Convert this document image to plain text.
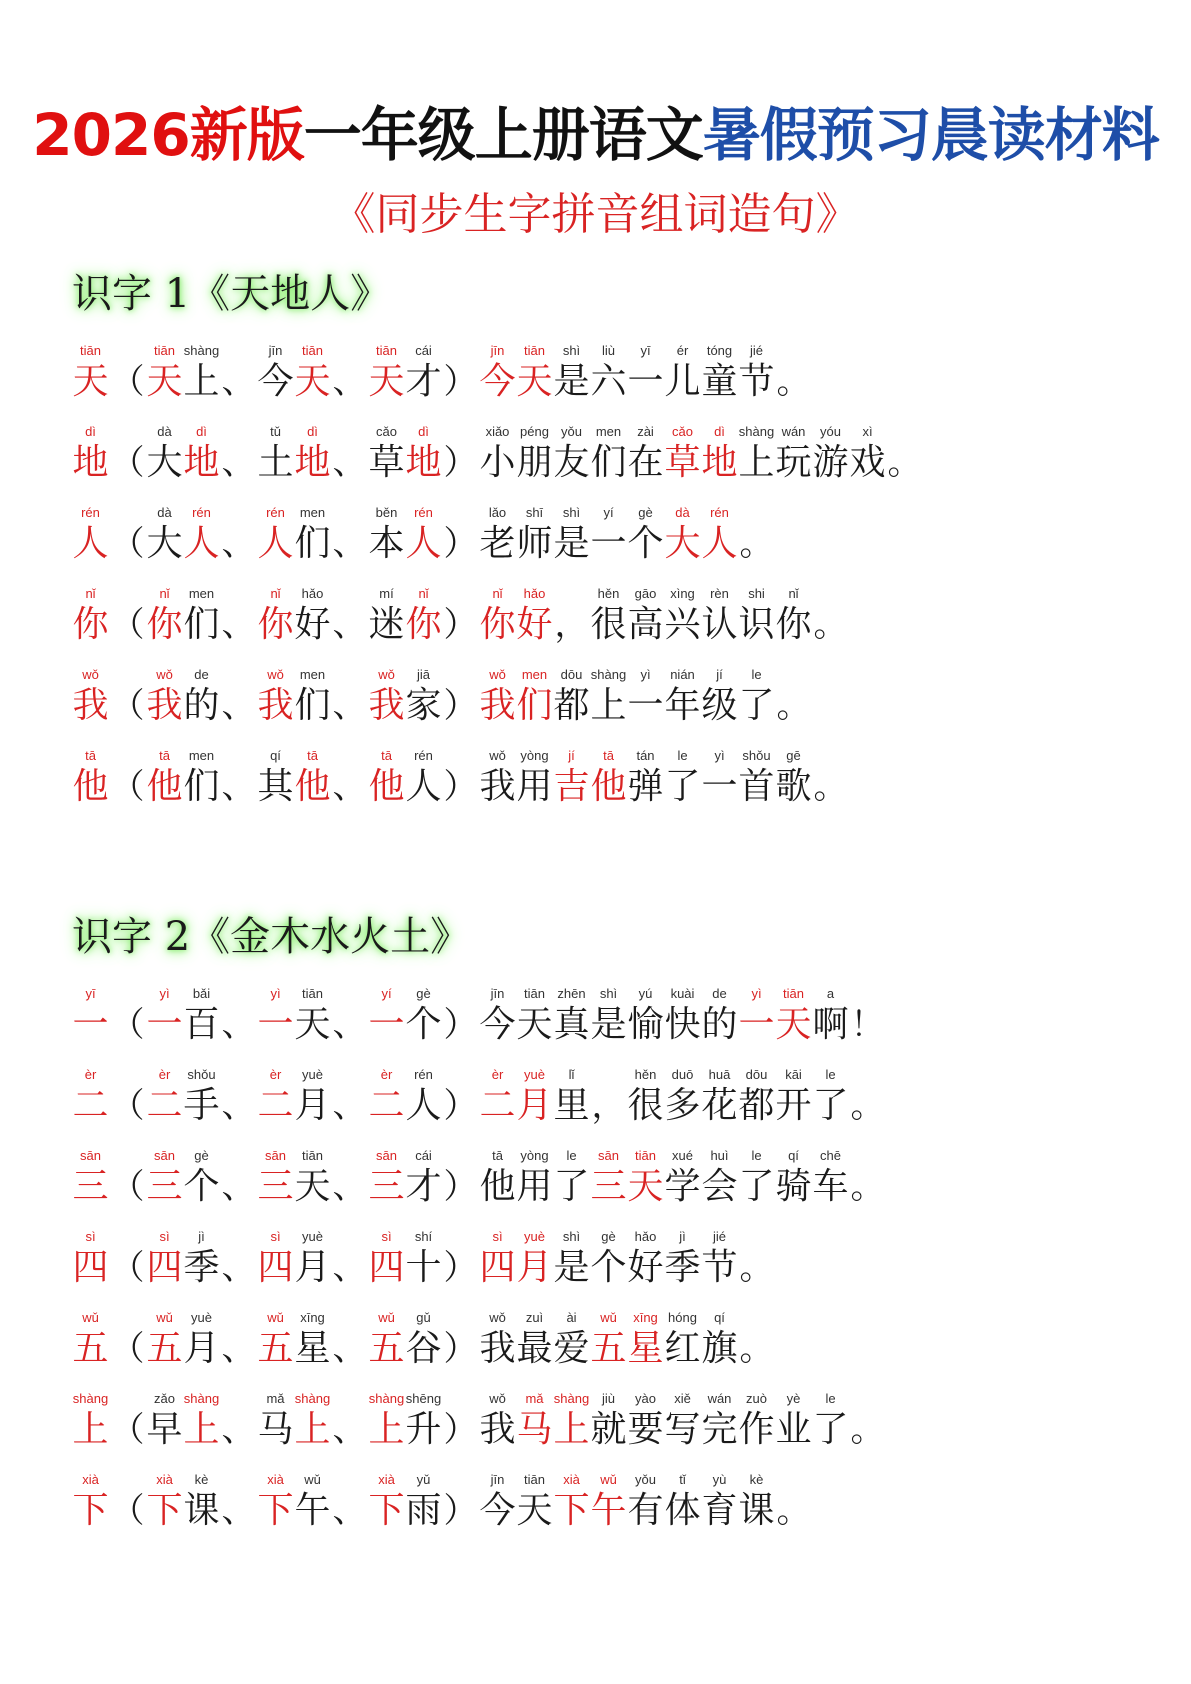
2026新版一年级上册语文暑假预习晨读材料
《同步生字拼音组词造句》
识字 1《天地人》
tiān
天 （
tiān
天
shàng
上 、
jīn
今
tiān
天 、
tiān
天
cái
才 ）
jīn
今
tiān
天
shì
是
liù
六
yī
一
ér
儿
tóng
童
jié
节 。
dì
地 （
dà
大
dì
地 、
tǔ
土
dì
地 、
cǎo
草
dì
地 ）
xiǎo
小
péng
朋
yǒu
友
men
们
zài
在
cǎo
草
dì
地
shàng
上
wán
玩
yóu
游
xì
戏 。
rén
人 （
dà
大
rén
人 、
rén
人
men
们 、
běn
本
rén
人 ）
lǎo
老
shī
师
shì
是
yí
一
gè
个
dà
大
rén
人 。
nǐ
你 （
nǐ
你
men
们 、
nǐ
你
hǎo
好 、
mí
迷
nǐ
你 ）
nǐ
你
hǎo
好 ，
hěn
很
gāo
高
xìng
兴
rèn
认
shi
识
nǐ
你 。
wǒ
我 （
wǒ
我
de
的 、
wǒ
我
men
们 、
wǒ
我
jiā
家 ）
wǒ
我
men
们
dōu
都
shàng
上
yì
一
nián
年
jí
级
le
了 。
tā
他 （
tā
他
men
们 、
qí
其
tā
他 、
tā
他
rén
人 ）
wǒ
我
yòng
用
jí
吉
tā
他
tán
弹
le
了
yì
一
shǒu
首
gē
歌 。
识字 2《金木水火土》
yī
一 （
yì
一
bǎi
百 、
yì
一
tiān
天 、
yí
一
gè
个 ）
jīn
今
tiān
天
zhēn
真
shì
是
yú
愉
kuài
快
de
的
yì
一
tiān
天
a
啊 ！
èr
二 （
èr
二
shǒu
手 、
èr
二
yuè
月 、
èr
二
rén
人 ）
èr
二
yuè
月
lǐ
里 ，
hěn
很
duō
多
huā
花
dōu
都
kāi
开
le
了 。
sān
三 （
sān
三
gè
个 、
sān
三
tiān
天 、
sān
三
cái
才 ）
tā
他
yòng
用
le
了
sān
三
tiān
天
xué
学
huì
会
le
了
qí
骑
chē
车 。
sì
四 （
sì
四
jì
季 、
sì
四
yuè
月 、
sì
四
shí
十 ）
sì
四
yuè
月
shì
是
gè
个
hǎo
好
jì
季
jié
节 。
wǔ
五 （
wǔ
五
yuè
月 、
wǔ
五
xīng
星 、
wǔ
五
gǔ
谷 ）
wǒ
我
zuì
最
ài
爱
wǔ
五
xīng
星
hóng
红
qí
旗 。
shàng
上 （
zǎo
早
shàng
上 、
mǎ
马
shàng
上 、
shàng
上
shēng
升 ）
wǒ
我
mǎ
马
shàng
上
jiù
就
yào
要
xiě
写
wán
完
zuò
作
yè
业
le
了 。
xià
下 （
xià
下
kè
课 、
xià
下
wǔ
午 、
xià
下
yǔ
雨 ）
jīn
今
tiān
天
xià
下
wǔ
午
yǒu
有
tǐ
体
yù
育
kè
课 。
